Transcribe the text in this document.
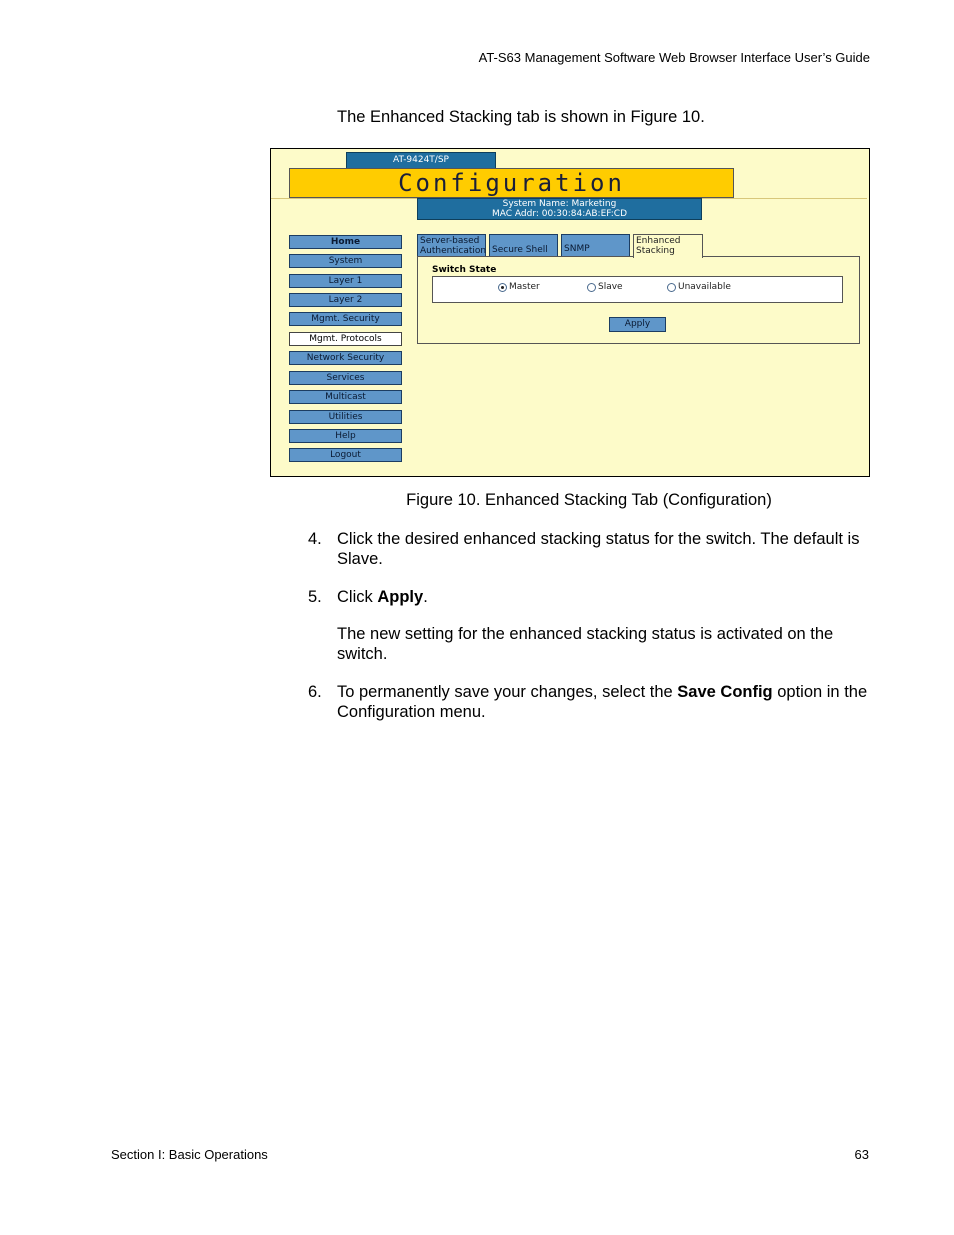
AT-S63 Management Software Web Browser Interface User’s Guide
The Enhanced Stacking tab is shown in Figure 10.
AT-9424T/SP
Configuration
System Name: Marketing
MAC Addr: 00:30:84:AB:EF:CD
Home
System
Layer 1
Layer 2
Mgmt. Security
Mgmt. Protocols
Network Security
Services
Multicast
Utilities
Help
Logout
Server-based
Authentication Secure Shell	SNMP
Enhanced
Stacking
Switch State
Master	Slave	Unavailable
Apply
Figure 10. Enhanced Stacking Tab (Configuration)
4. Click the desired enhanced stacking status for the switch. The default is Slave.
5. Click Apply.
The new setting for the enhanced stacking status is activated on the switch.
6. To permanently save your changes, select the Save Config option in the Configuration menu.
Section I: Basic Operations	63
